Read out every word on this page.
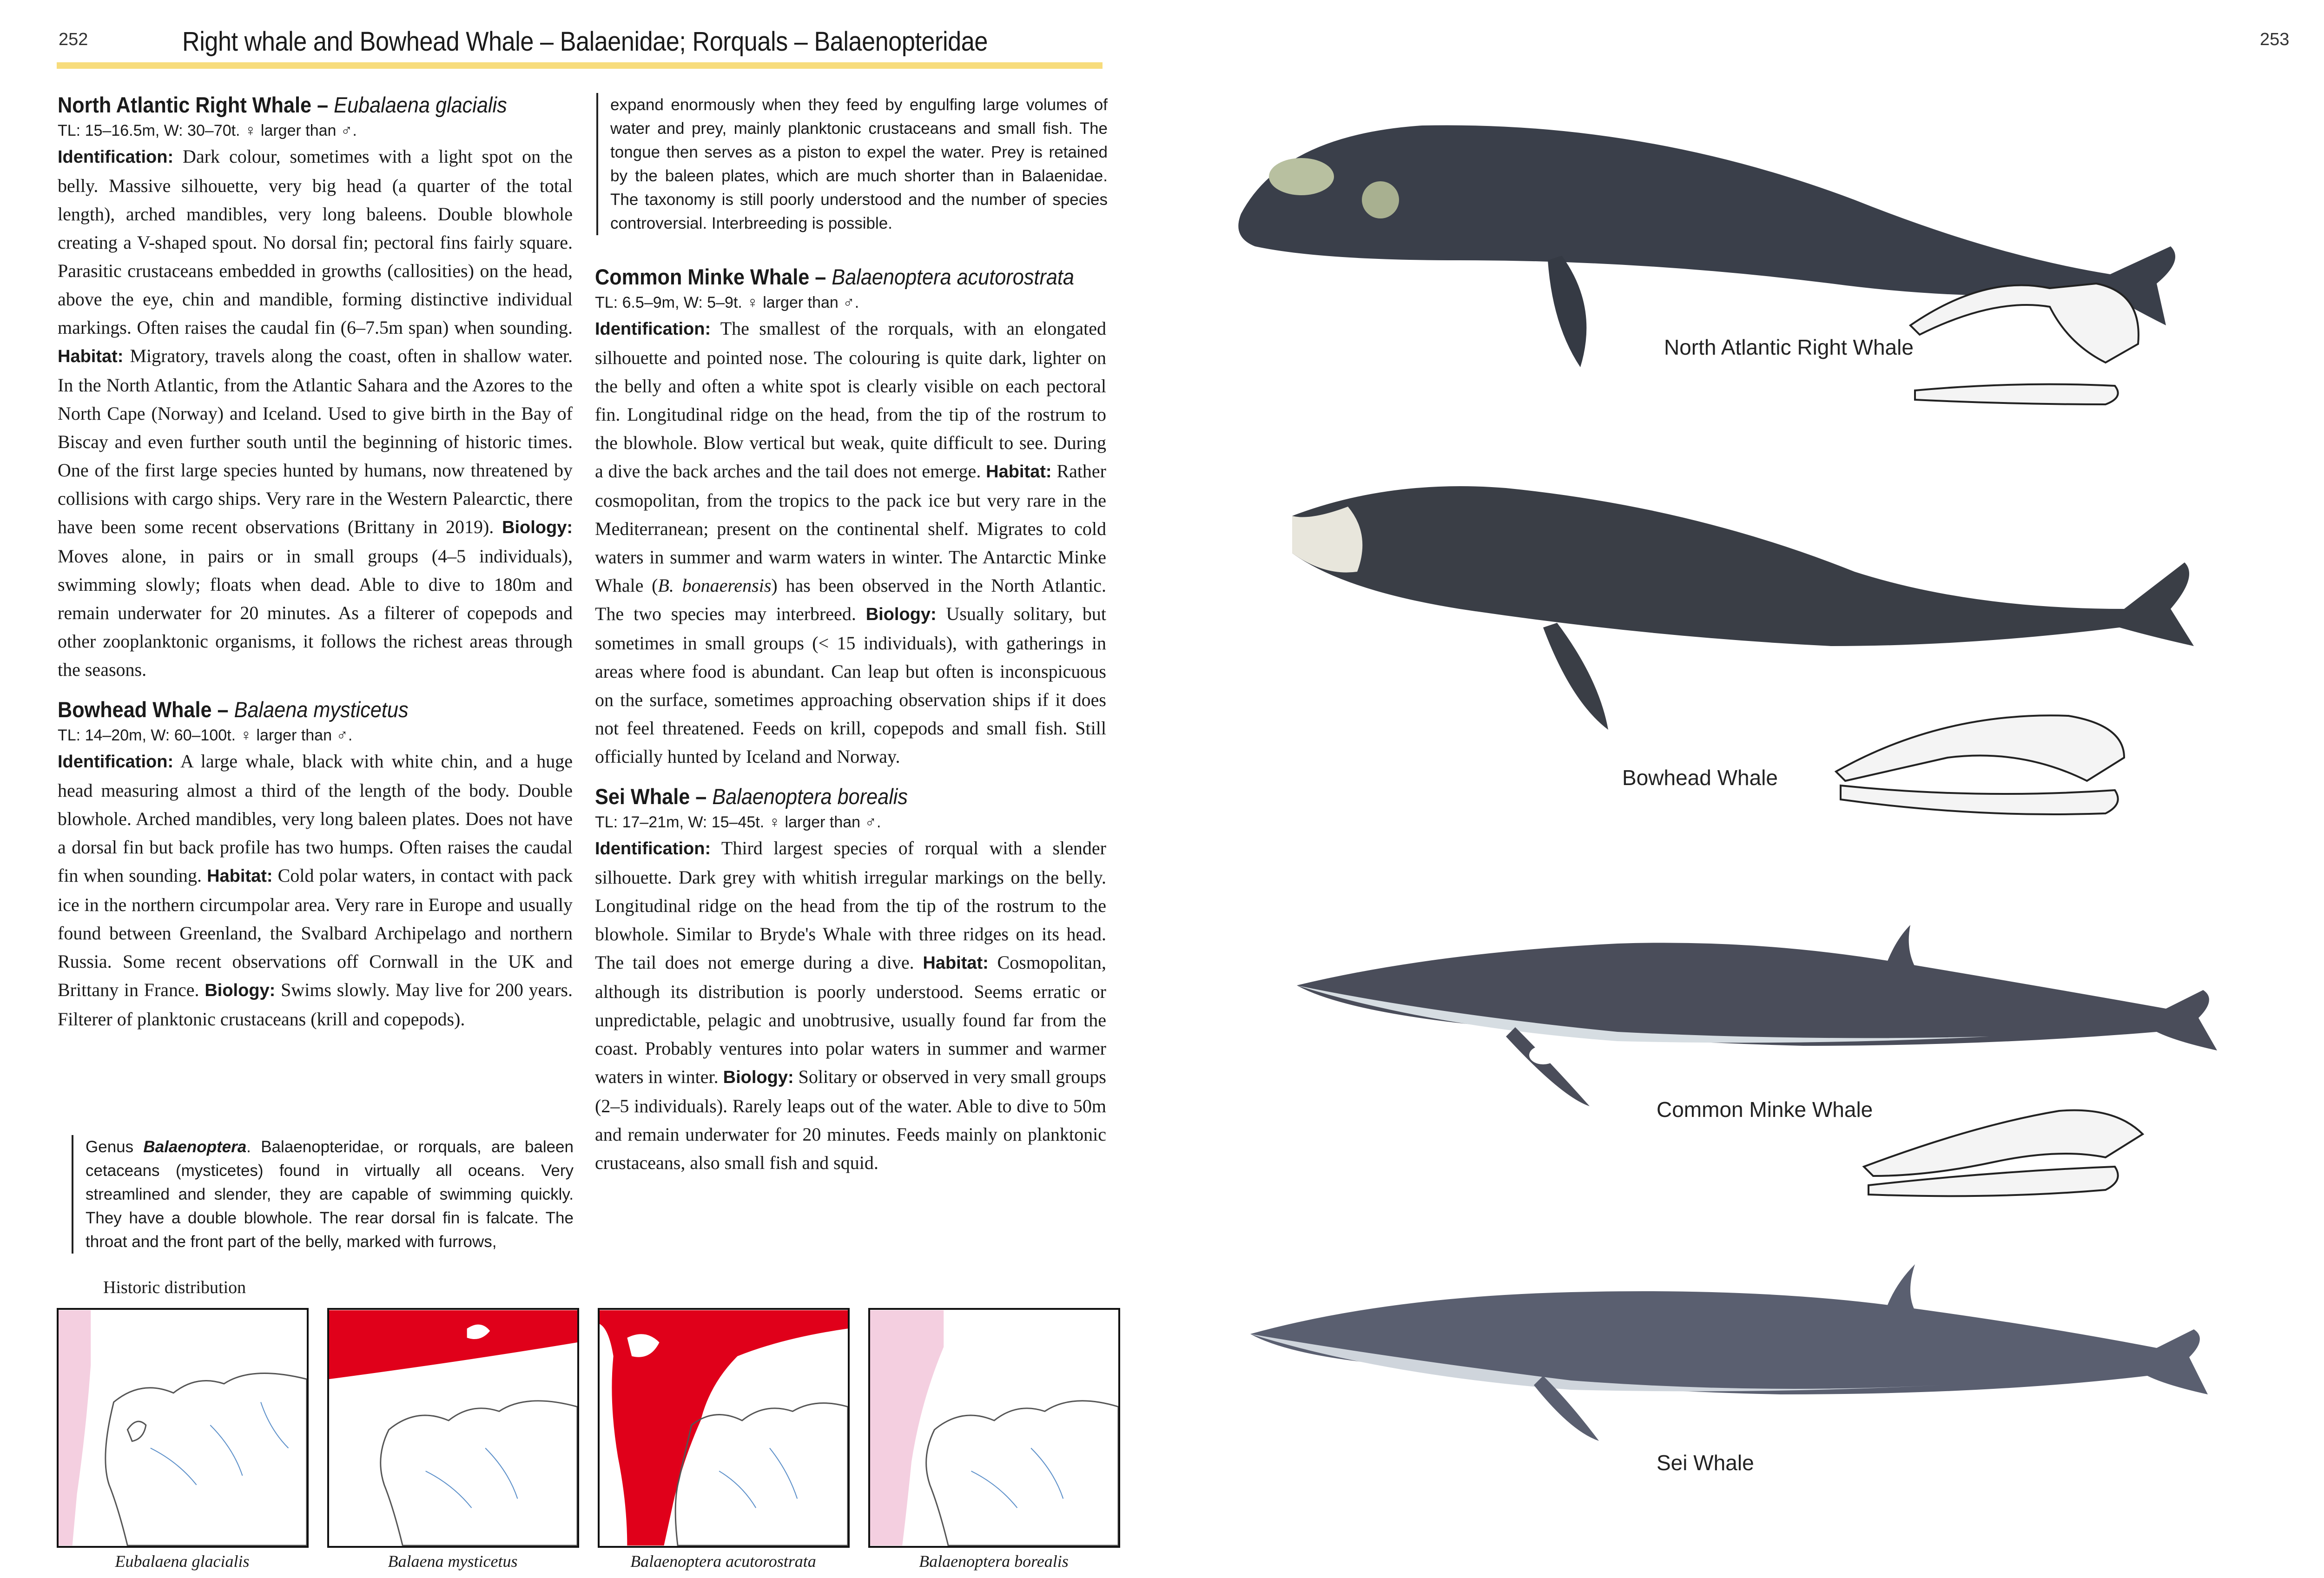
252	253
Right whale and Bowhead Whale – Balaenidae; Rorquals – Balaenopteridae

North Atlantic Right Whale – Eubalaena glacialis

TL: 15–16.5m, W: 30–70t. ♀ larger than ♂.

Identification: Dark colour, sometimes with a light spot on the belly. Massive silhouette, very big head (a quarter of the total length), arched mandibles, very long baleens. Double blowhole creating a V-shaped spout. No dorsal fin; pectoral fins fairly square. Parasitic crustaceans embedded in growths (callosities) on the head, above the eye, chin and mandible, forming distinctive individual markings. Often raises the caudal fin (6–7.5m span) when sounding. Habitat: Migratory, travels along the coast, often in shallow water. In the North Atlantic, from the Atlantic Sahara and the Azores to the North Cape (Norway) and Iceland. Used to give birth in the Bay of Biscay and even further south until the beginning of historic times. One of the first large species hunted by humans, now threatened by collisions with cargo ships. Very rare in the Western Palearctic, there have been some recent observations (Brittany in 2019). Biology: Moves alone, in pairs or in small groups (4–5 individuals), swimming slowly; floats when dead. Able to dive to 180m and remain underwater for 20 minutes. As a filterer of copepods and other zooplanktonic organisms, it follows the richest areas through the seasons.

Bowhead Whale – Balaena mysticetus

TL: 14–20m, W: 60–100t. ♀ larger than ♂.

Identification: A large whale, black with white chin, and a huge head measuring almost a third of the length of the body. Double blowhole. Arched mandibles, very long baleen plates. Does not have a dorsal fin but back profile has two humps. Often raises the caudal fin when sounding. Habitat: Cold polar waters, in contact with pack ice in the northern circumpolar area. Very rare in Europe and usually found between Greenland, the Svalbard Archipelago and northern Russia. Some recent observations off Cornwall in the UK and Brittany in France. Biology: Swims slowly. May live for 200 years. Filterer of planktonic crustaceans (krill and copepods).

Genus Balaenoptera. Balaenopteridae, or rorquals, are baleen cetaceans (mysticetes) found in virtually all oceans. Very streamlined and slender, they are capable of swimming quickly. They have a double blowhole. The rear dorsal fin is falcate. The throat and the front part of the belly, marked with furrows,

expand enormously when they feed by engulfing large volumes of water and prey, mainly planktonic crustaceans and small fish. The tongue then serves as a piston to expel the water. Prey is retained by the baleen plates, which are much shorter than in Balaenidae. The taxonomy is still poorly understood and the number of species controversial. Interbreeding is possible.

Common Minke Whale – Balaenoptera acutorostrata

TL: 6.5–9m, W: 5–9t. ♀ larger than ♂.

Identification: The smallest of the rorquals, with an elongated silhouette and pointed nose. The colouring is quite dark, lighter on the belly and often a white spot is clearly visible on each pectoral fin. Longitudinal ridge on the head, from the tip of the rostrum to the blowhole. Blow vertical but weak, quite difficult to see. During a dive the back arches and the tail does not emerge. Habitat: Rather cosmopolitan, from the tropics to the pack ice but very rare in the Mediterranean; present on the continental shelf. Migrates to cold waters in summer and warm waters in winter. The Antarctic Minke Whale (B. bonaerensis) has been observed in the North Atlantic. The two species may interbreed. Biology: Usually solitary, but sometimes in small groups (< 15 individuals), with gatherings in areas where food is abundant. Can leap but often is inconspicuous on the surface, sometimes approaching observation ships if it does not feel threatened. Feeds on krill, copepods and small fish. Still officially hunted by Iceland and Norway.

Sei Whale – Balaenoptera borealis

TL: 17–21m, W: 15–45t. ♀ larger than ♂.

Identification: Third largest species of rorqual with a slender silhouette. Dark grey with whitish irregular markings on the belly. Longitudinal ridge on the head from the tip of the rostrum to the blowhole. Similar to Bryde's Whale with three ridges on its head. The tail does not emerge during a dive. Habitat: Cosmopolitan, although its distribution is poorly understood. Seems erratic or unpredictable, pelagic and unobtrusive, usually found far from the coast. Probably ventures into polar waters in summer and warmer waters in winter. Biology: Solitary or observed in very small groups (2–5 individuals). Rarely leaps out of the water. Able to dive to 50m and remain underwater for 20 minutes. Feeds mainly on planktonic crustaceans, also small fish and squid.

Historic distribution
Eubalaena glacialis	Balaena mysticetus	Balaenoptera acutorostrata	Balaenoptera borealis
North Atlantic Right Whale
Bowhead Whale
Common Minke Whale
Sei Whale
